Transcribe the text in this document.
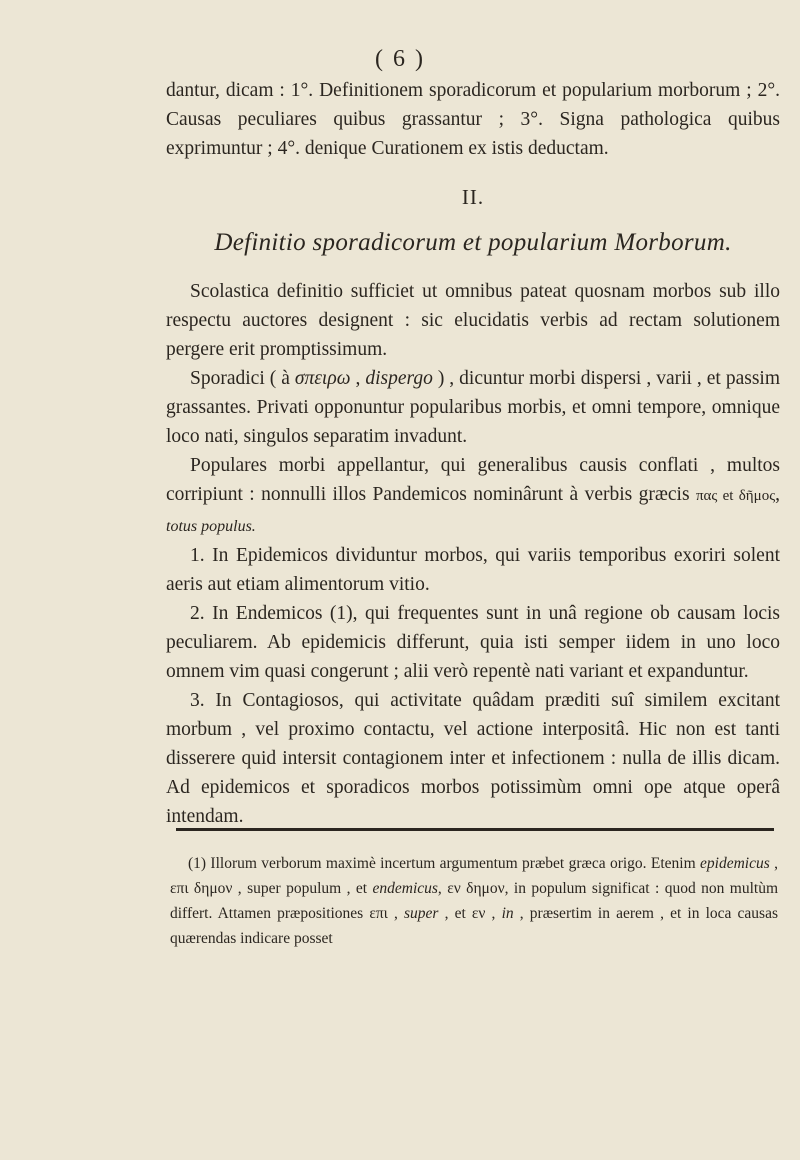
( 6 )

dantur, dicam : 1°. Definitionem sporadicorum et popularium morborum ; 2°. Causas peculiares quibus grassantur ; 3°. Signa pathologica quibus exprimuntur ; 4°. denique Curationem ex istis deductam.

II.
Definitio sporadicorum et popularium Morborum.

Scolastica definitio sufficiet ut omnibus pateat quosnam morbos sub illo respectu auctores designent : sic elucidatis verbis ad rectam solutionem pergere erit promptissimum.

Sporadici ( à σπειρω , dispergo ) , dicuntur morbi dispersi , varii , et passim grassantes. Privati opponuntur popularibus morbis, et omni tempore, omnique loco nati, singulos separatim invadunt.

Populares morbi appellantur, qui generalibus causis conflati , multos corripiunt : nonnulli illos Pandemicos nominârunt à verbis græcis πας et δῆμος, totus populus.

1. In Epidemicos dividuntur morbos, qui variis temporibus exoriri solent aeris aut etiam alimentorum vitio.

2. In Endemicos (1), qui frequentes sunt in unâ regione ob causam locis peculiarem. Ab epidemicis differunt, quia isti semper iidem in uno loco omnem vim quasi congerunt ; alii verò repentè nati variant et expanduntur.

3. In Contagiosos, qui activitate quâdam præditi suî similem excitant morbum , vel proximo contactu, vel actione interpositâ. Hic non est tanti disserere quid intersit contagionem inter et infectionem : nulla de illis dicam. Ad epidemicos et sporadicos morbos potissimùm omni ope atque operâ intendam.

(1) Illorum verborum maximè incertum argumentum præbet græca origo. Etenim epidemicus , επι δημον , super populum , et endemicus, εν δημον, in populum significat : quod non multùm differt. Attamen præpositiones επι , super , et εν , in , præsertim in aerem , et in loca causas quærendas indicare posset
